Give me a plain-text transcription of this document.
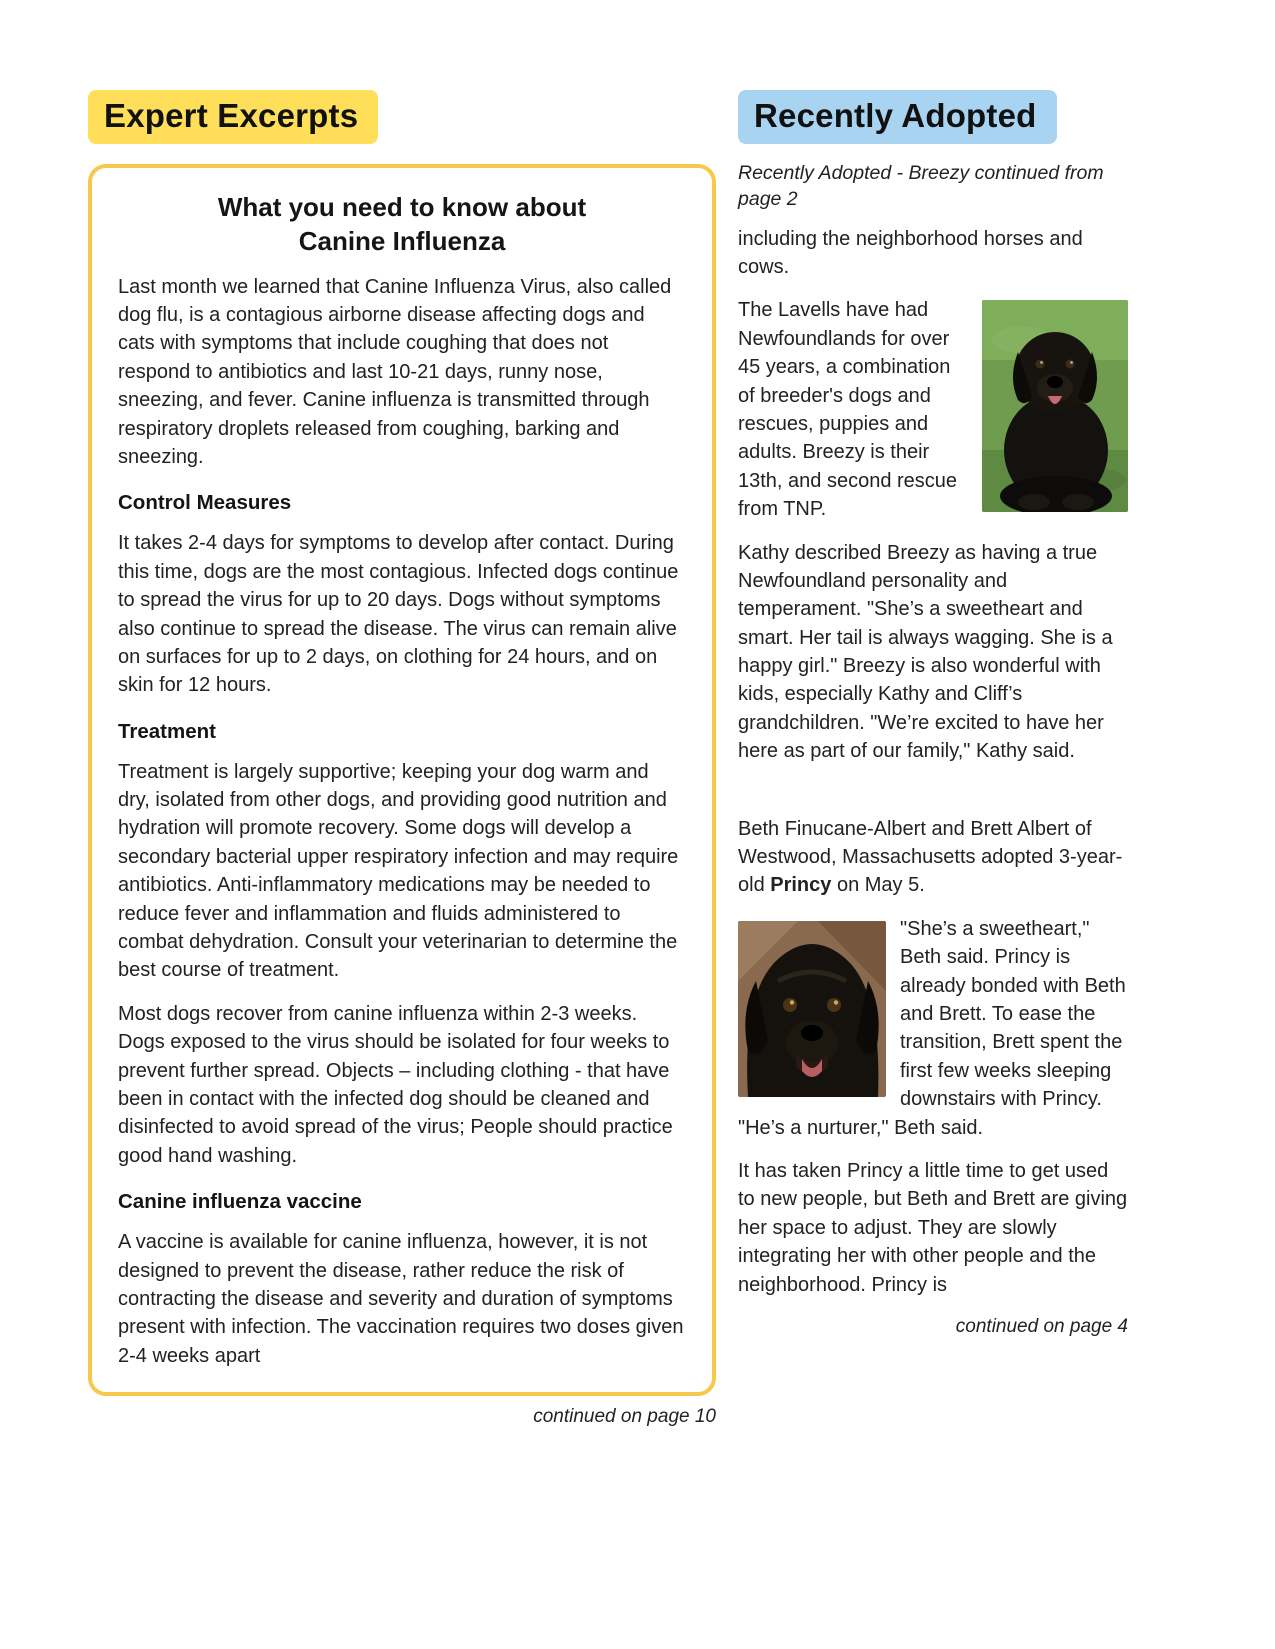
Expert Excerpts
What you need to know about
Canine Influenza

Last month we learned that Canine Influenza Virus, also called dog flu, is a contagious airborne disease affecting dogs and cats with symptoms that include coughing that does not respond to antibiotics and last 10-21 days, runny nose, sneezing, and fever. Canine influenza is transmitted through respiratory droplets released from coughing, barking and sneezing.

Control Measures

It takes 2-4 days for symptoms to develop after contact. During this time, dogs are the most contagious. Infected dogs continue to spread the virus for up to 20 days. Dogs without symptoms also continue to spread the disease. The virus can remain alive on surfaces for up to 2 days, on clothing for 24 hours, and on skin for 12 hours.

Treatment

Treatment is largely supportive; keeping your dog warm and dry, isolated from other dogs, and providing good nutrition and hydration will promote recovery. Some dogs will develop a secondary bacterial upper respiratory infection and may require antibiotics. Anti-inflammatory medications may be needed to reduce fever and inflammation and fluids administered to combat dehydration. Consult your veterinarian to determine the best course of treatment.

Most dogs recover from canine influenza within 2-3 weeks. Dogs exposed to the virus should be isolated for four weeks to prevent further spread. Objects – including clothing - that have been in contact with the infected dog should be cleaned and disinfected to avoid spread of the virus; People should practice good hand washing.

Canine influenza vaccine

A vaccine is available for canine influenza, however, it is not designed to prevent the disease, rather reduce the risk of contracting the disease and severity and duration of symptoms present with infection. The vaccination requires two doses given 2-4 weeks apart

continued on page 10
Recently Adopted
Recently Adopted - Breezy continued from page 2

including the neighborhood horses and cows.

The Lavells have had Newfoundlands for over 45 years, a combination of breeder's dogs and rescues, puppies and adults. Breezy is their 13th, and second rescue from TNP.

Kathy described Breezy as having a true Newfoundland personality and temperament. "She’s a sweetheart and smart. Her tail is always wagging. She is a happy girl." Breezy is also wonderful with kids, especially Kathy and Cliff’s grandchildren. "We’re excited to have her here as part of our family," Kathy said.

Beth Finucane-Albert and Brett Albert of Westwood, Massachusetts adopted 3-year-old Princy on May 5.

"She’s a sweetheart," Beth said. Princy is already bonded with Beth and Brett. To ease the transition, Brett spent the first few weeks sleeping downstairs with Princy. "He’s a nurturer," Beth said.

It has taken Princy a little time to get used to new people, but Beth and Brett are giving her space to adjust. They are slowly integrating her with other people and the neighborhood. Princy is

continued on page 4
